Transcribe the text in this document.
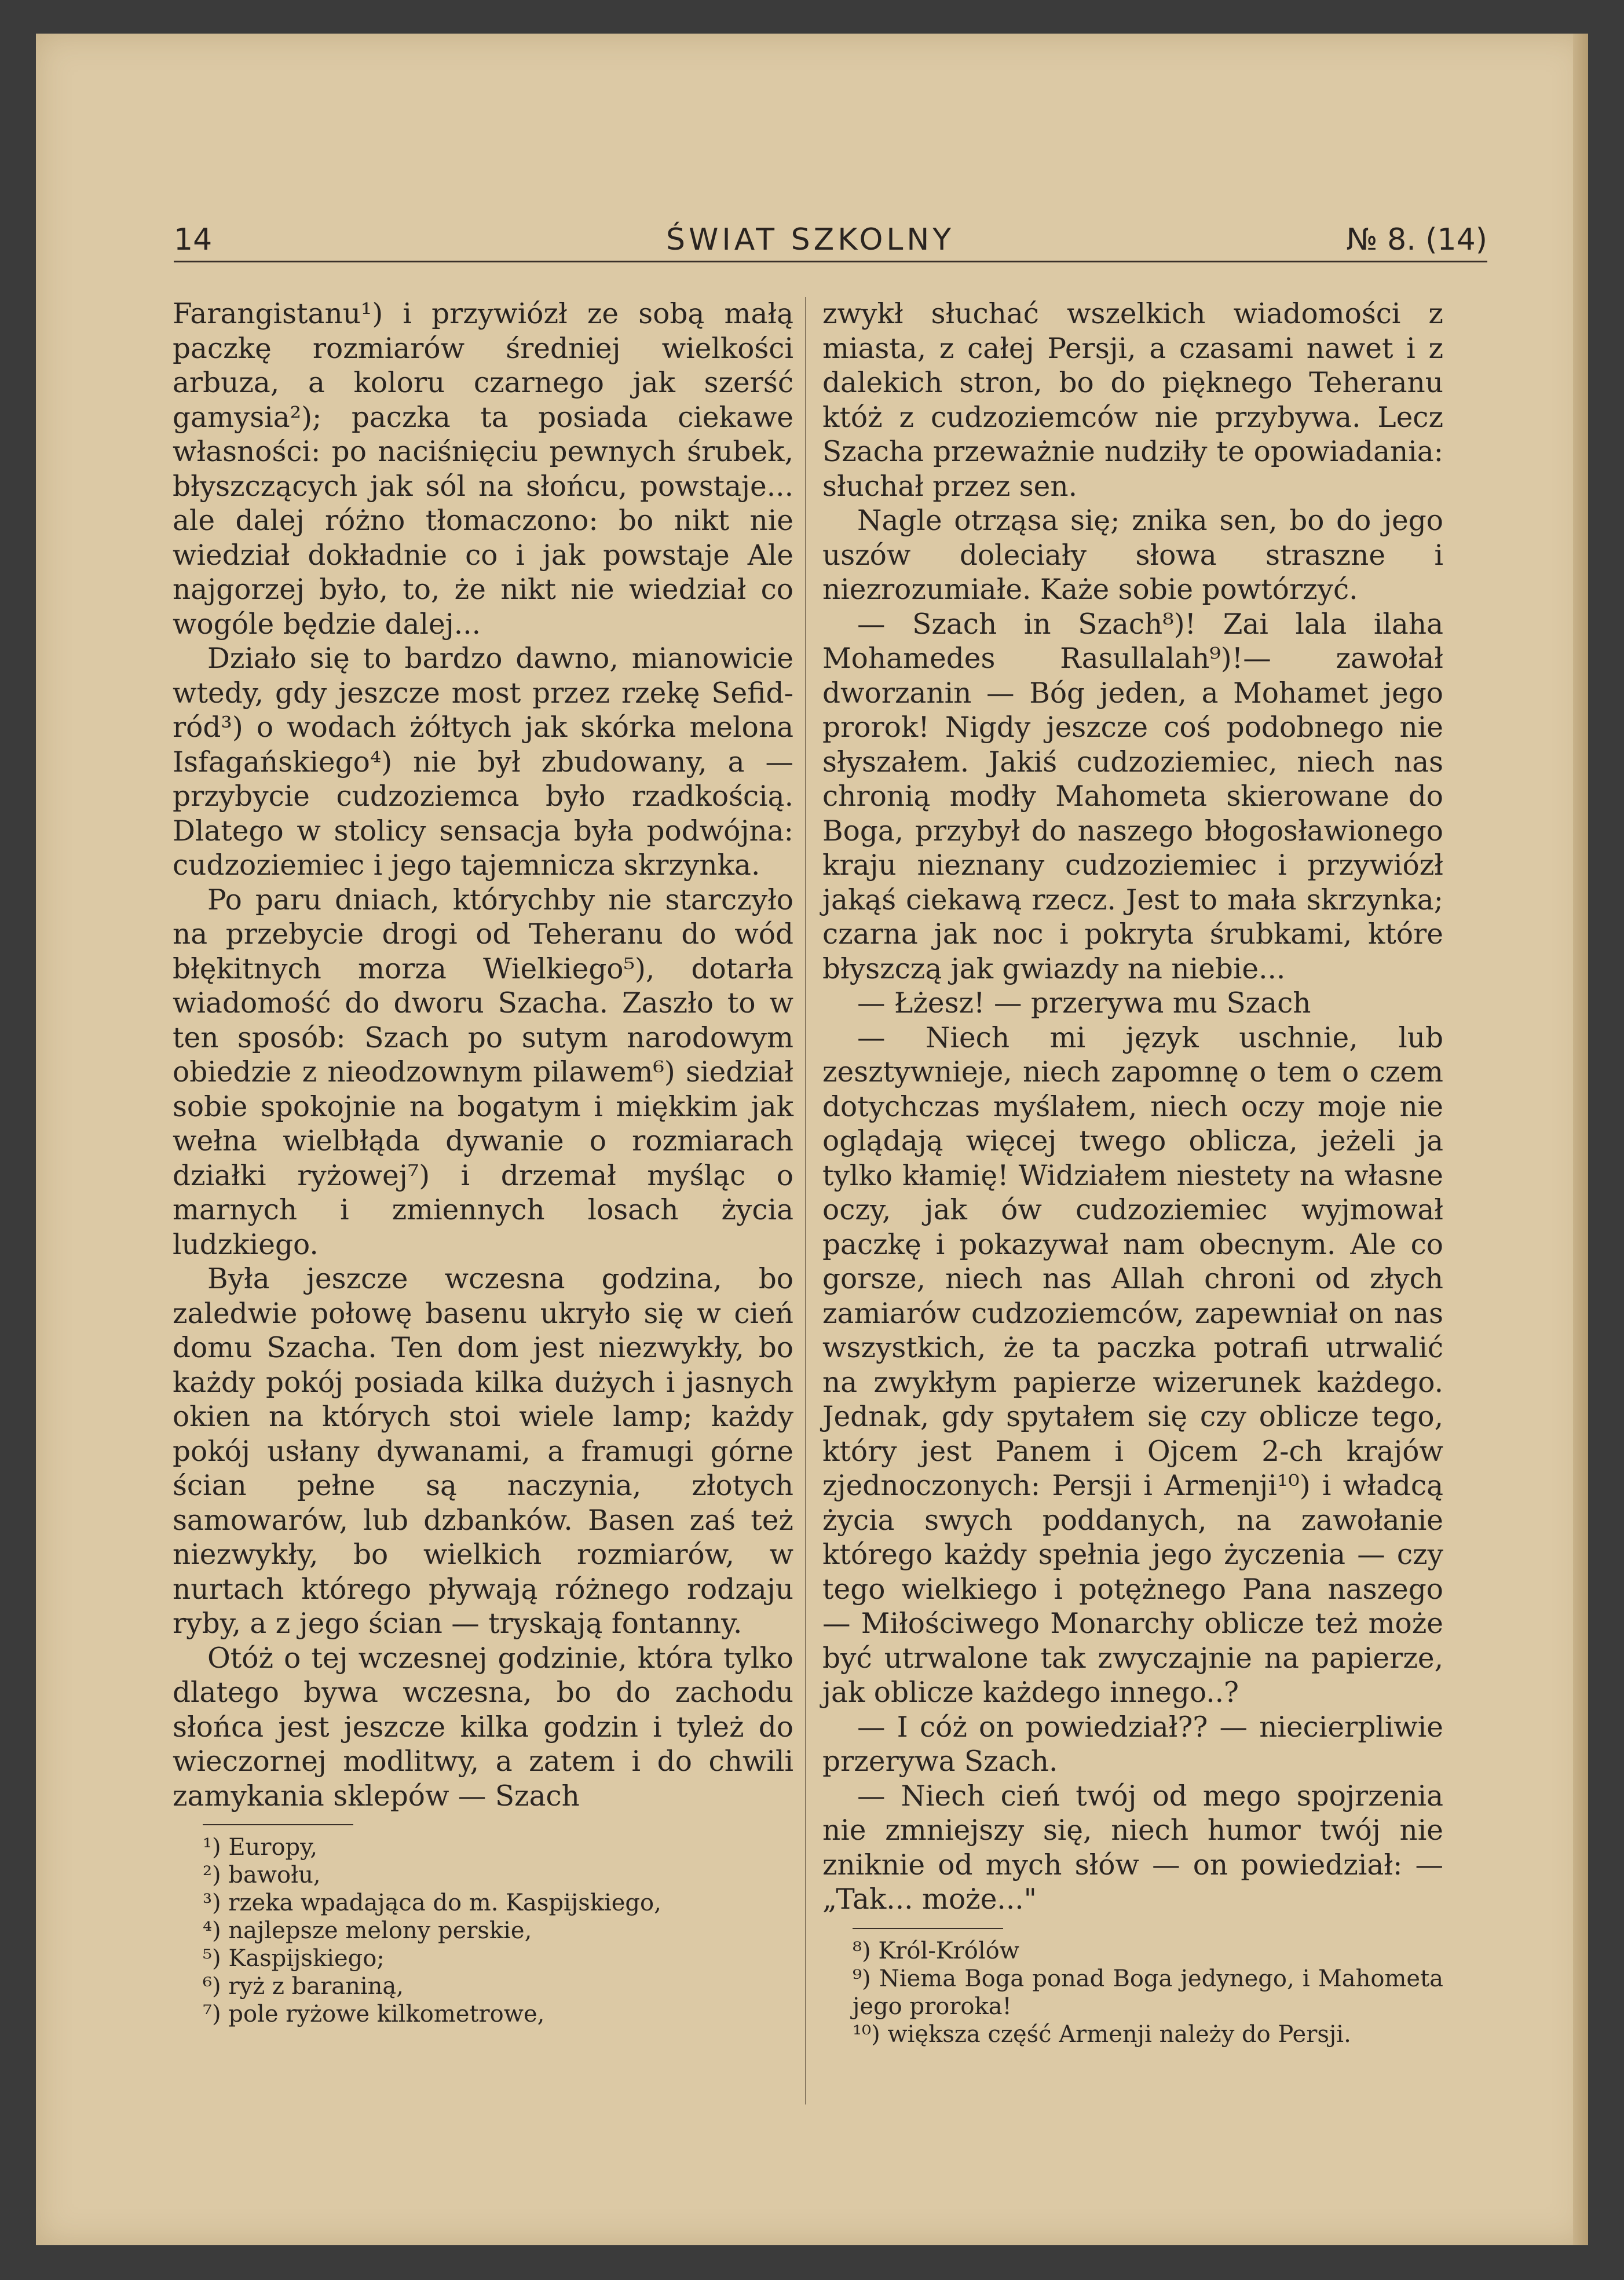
14	ŚWIAT SZKOLNY	№ 8. (14)

Farangistanu¹) i przywiózł ze sobą małą paczkę rozmiarów średniej wielkości arbuza, a koloru czarnego jak szerść gamysia²); paczka ta posiada ciekawe własności: po naciśnięciu pewnych śrubek, błyszczących jak sól na słońcu, powstaje... ale dalej różno tłomaczono: bo nikt nie wiedział dokładnie co i jak powstaje Ale najgorzej było, to, że nikt nie wiedział co wogóle będzie dalej...

Działo się to bardzo dawno, mianowicie wtedy, gdy jeszcze most przez rzekę Sefid-ród³) o wodach żółtych jak skórka melona Isfagańskiego⁴) nie był zbudowany, a — przybycie cudzoziemca było rzadkością. Dlatego w stolicy sensacja była podwójna: cudzoziemiec i jego tajemnicza skrzynka.

Po paru dniach, którychby nie starczyło na przebycie drogi od Teheranu do wód błękitnych morza Wielkiego⁵), dotarła wiadomość do dworu Szacha. Zaszło to w ten sposób: Szach po sutym narodowym obiedzie z nieodzownym pilawem⁶) siedział sobie spokojnie na bogatym i miękkim jak wełna wielbłąda dywanie o rozmiarach działki ryżowej⁷) i drzemał myśląc o marnych i zmiennych losach życia ludzkiego.

Była jeszcze wczesna godzina, bo zaledwie połowę basenu ukryło się w cień domu Szacha. Ten dom jest niezwykły, bo każdy pokój posiada kilka dużych i jasnych okien na których stoi wiele lamp; każdy pokój usłany dywanami, a framugi górne ścian pełne są naczynia, złotych samowarów, lub dzbanków. Basen zaś też niezwykły, bo wielkich rozmiarów, w nurtach którego pływają różnego rodzaju ryby, a z jego ścian — tryskają fontanny.

Otóż o tej wczesnej godzinie, która tylko dlatego bywa wczesna, bo do zachodu słońca jest jeszcze kilka godzin i tyleż do wieczornej modlitwy, a zatem i do chwili zamykania sklepów — Szach

¹) Europy,

²) bawołu,

³) rzeka wpadająca do m. Kaspijskiego,

⁴) najlepsze melony perskie,

⁵) Kaspijskiego;

⁶) ryż z baraniną,

⁷) pole ryżowe kilkometrowe,

zwykł słuchać wszelkich wiadomości z miasta, z całej Persji, a czasami nawet i z dalekich stron, bo do pięknego Teheranu któż z cudzoziemców nie przybywa. Lecz Szacha przeważnie nudziły te opowiadania: słuchał przez sen.

Nagle otrząsa się; znika sen, bo do jego uszów doleciały słowa straszne i niezrozumiałe. Każe sobie powtórzyć.

— Szach in Szach⁸)! Zai lala ilaha Mohamedes Rasullalah⁹)!— zawołał dworzanin — Bóg jeden, a Mohamet jego prorok! Nigdy jeszcze coś podobnego nie słyszałem. Jakiś cudzoziemiec, niech nas chronią modły Mahometa skierowane do Boga, przybył do naszego błogosławionego kraju nieznany cudzoziemiec i przywiózł jakąś ciekawą rzecz. Jest to mała skrzynka; czarna jak noc i pokryta śrubkami, które błyszczą jak gwiazdy na niebie...

— Łżesz! — przerywa mu Szach

— Niech mi język uschnie, lub zesztywnieje, niech zapomnę o tem o czem dotychczas myślałem, niech oczy moje nie oglądają więcej twego oblicza, jeżeli ja tylko kłamię! Widziałem niestety na własne oczy, jak ów cudzoziemiec wyjmował paczkę i pokazywał nam obecnym. Ale co gorsze, niech nas Allah chroni od złych zamiarów cudzoziemców, zapewniał on nas wszystkich, że ta paczka potrafi utrwalić na zwykłym papierze wizerunek każdego. Jednak, gdy spytałem się czy oblicze tego, który jest Panem i Ojcem 2-ch krajów zjednoczonych: Persji i Armenji¹⁰) i władcą życia swych poddanych, na zawołanie którego każdy spełnia jego życzenia — czy tego wielkiego i potężnego Pana naszego — Miłościwego Monarchy oblicze też może być utrwalone tak zwyczajnie na papierze, jak oblicze każdego innego..?

— I cóż on powiedział?? — niecierpliwie przerywa Szach.

— Niech cień twój od mego spojrzenia nie zmniejszy się, niech humor twój nie zniknie od mych słów — on powiedział: — „Tak... może..."

⁸) Król-Królów

⁹) Niema Boga ponad Boga jedynego, i Mahometa jego proroka!

¹⁰) większa część Armenji należy do Persji.
